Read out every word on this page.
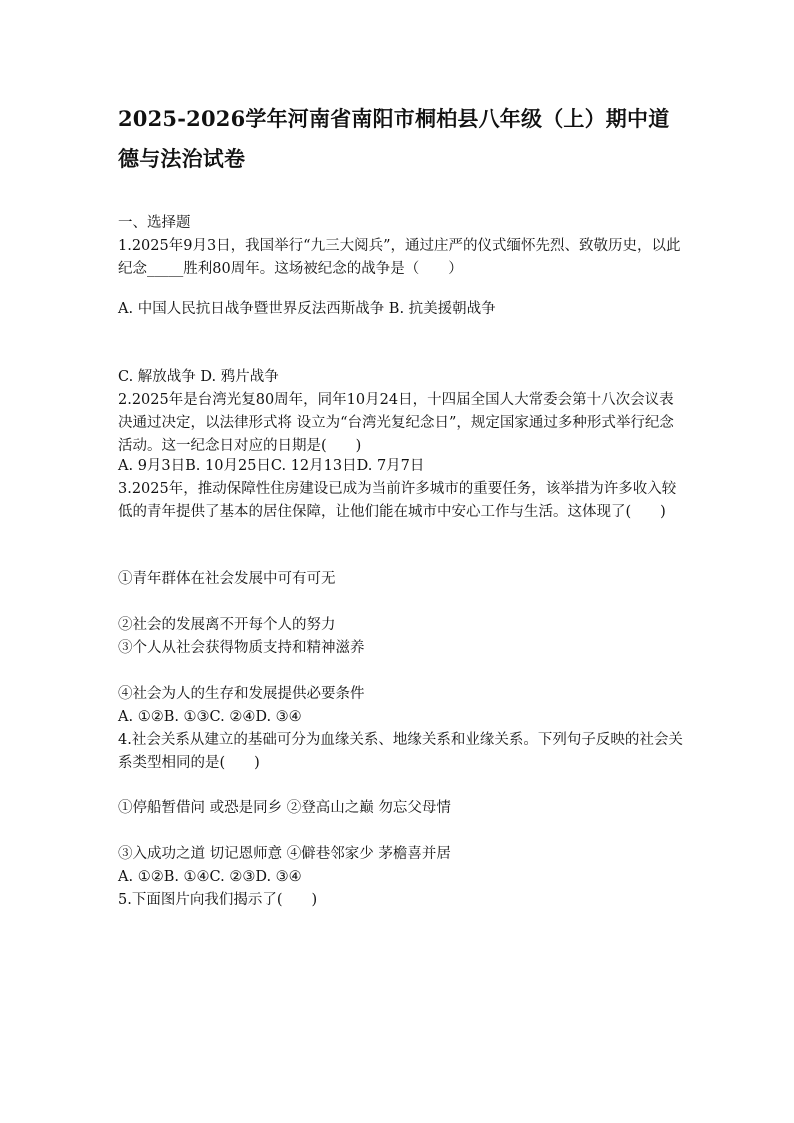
2025-2026学年河南省南阳市桐柏县八年级（上）期中道德与法治试卷
一、选择题

1.2025年9月3日，我国举行“九三大阅兵”，通过庄严的仪式缅怀先烈、致敬历史，以此纪念_____胜利80周年。这场被纪念的战争是（　　）

A. 中国人民抗日战争暨世界反法西斯战争 B. 抗美援朝战争
C. 解放战争 D. 鸦片战争

2.2025年是台湾光复80周年，同年10月24日，十四届全国人大常委会第十八次会议表决通过决定，以法律形式将 设立为“台湾光复纪念日”，规定国家通过多种形式举行纪念活动。这一纪念日对应的日期是(　　)

A. 9月3日B. 10月25日C. 12月13日D. 7月7日

3.2025年，推动保障性住房建设已成为当前许多城市的重要任务，该举措为许多收入较低的青年提供了基本的居住保障，让他们能在城市中安心工作与生活。这体现了(　　)

①青年群体在社会发展中可有可无
②社会的发展离不开每个人的努力
③个人从社会获得物质支持和精神滋养
④社会为人的生存和发展提供必要条件
A. ①②B. ①③C. ②④D. ③④

4.社会关系从建立的基础可分为血缘关系、地缘关系和业缘关系。下列句子反映的社会关系类型相同的是(　　)

①停船暂借问 或恐是同乡 ②登高山之巅 勿忘父母情
③入成功之道 切记恩师意 ④僻巷邻家少 茅檐喜并居
A. ①②B. ①④C. ②③D. ③④
5.下面图片向我们揭示了(　　)
